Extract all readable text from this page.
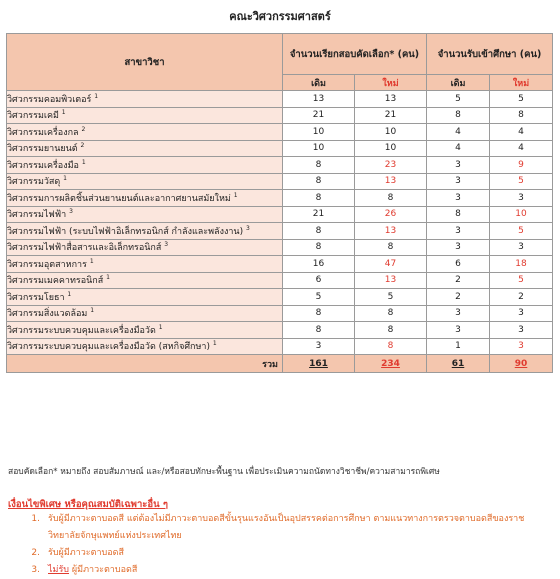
คณะวิศวกรรมศาสตร์
สาขาวิชา	จำนวนเรียกสอบคัดเลือก* (คน)		จำนวนรับเข้าศึกษา (คน)	
	เดิม	ใหม่	เดิม	ใหม่
วิศวกรรมคอมพิวเตอร์ $^1$	13	13	5	5
วิศวกรรมเคมี $^1$	21	21	8	8
วิศวกรรมเครื่องกล $^2$	10	10	4	4
วิศวกรรมยานยนต์ $^2$	10	10	4	4
วิศวกรรมเครื่องมือ $^1$	8	23	3	9
วิศวกรรมวัสดุ $^1$	8	13	3	5
วิศวกรรมการผลิตชิ้นส่วนยานยนต์และอากาศยานสมัยใหม่ $^1$	8	8	3	3
วิศวกรรมไฟฟ้า $^3$	21	26	8	10
วิศวกรรมไฟฟ้า (ระบบไฟฟ้าอิเล็กทรอนิกส์ กำลังและพลังงาน) $^3$	8	13	3	5
วิศวกรรมไฟฟ้าสื่อสารและอิเล็กทรอนิกส์ $^3$	8	8	3	3
วิศวกรรมอุตสาหการ $^1$	16	47	6	18
วิศวกรรมเมคคาทรอนิกส์ $^1$	6	13	2	5
วิศวกรรมโยธา $^1$	5	5	2	2
วิศวกรรมสิ่งแวดล้อม $^1$	8	8	3	3
วิศวกรรมระบบควบคุมและเครื่องมือวัด $^1$	8	8	3	3
วิศวกรรมระบบควบคุมและเครื่องมือวัด (สหกิจศึกษา) $^1$	3	8	1	3
รวม	161	234	61	90
สอบคัดเลือก* หมายถึง สอบสัมภาษณ์ และ/หรือสอบทักษะพื้นฐาน เพื่อประเมินความถนัดทางวิชาชีพ/ความสามารถพิเศษ
เงื่อนไขพิเศษ หรือคุณสมบัติเฉพาะอื่น ๆ
1. รับผู้มีภาวะตาบอดสี แต่ต้องไม่มีภาวะตาบอดสีขั้นรุนแรงอันเป็นอุปสรรคต่อการศึกษา ตามแนวทางการตรวจตาบอดสีของราชวิทยาลัยจักษุแพทย์แห่งประเทศไทย
2. รับผู้มีภาวะตาบอดสี
3. ไม่รับ ผู้มีภาวะตาบอดสี
